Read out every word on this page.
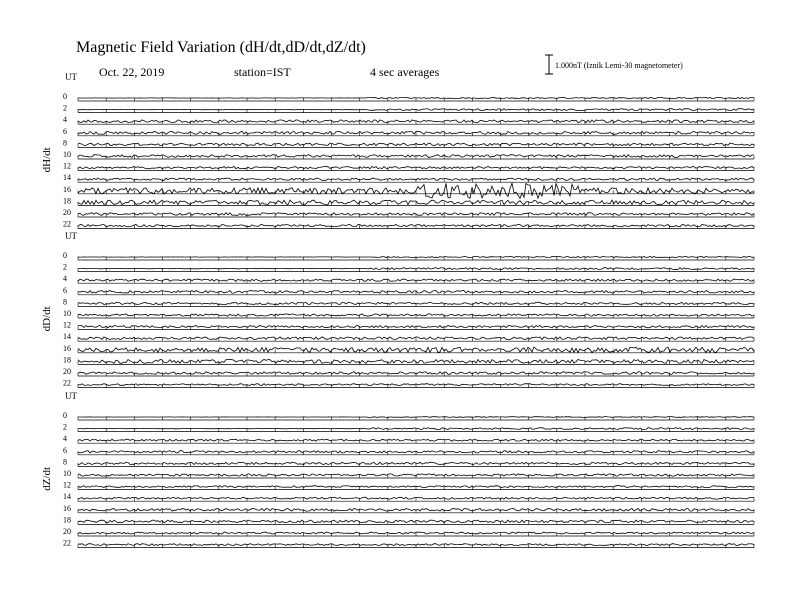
Magnetic Field Variation (dH/dt,dD/dt,dZ/dt)
Oct. 22, 2019	station=IST	4 sec averages	1.000nT (Iznik Lemi-30 magnetometer)
UT
dH/dt
0
2
4
6
8
10
12
14
16
18
20
22
UT
dD/dt
0
2
4
6
8
10
12
14
16
18
20
22
UT
dZ/dt
0
2
4
6
8
10
12
14
16
18
20
22
